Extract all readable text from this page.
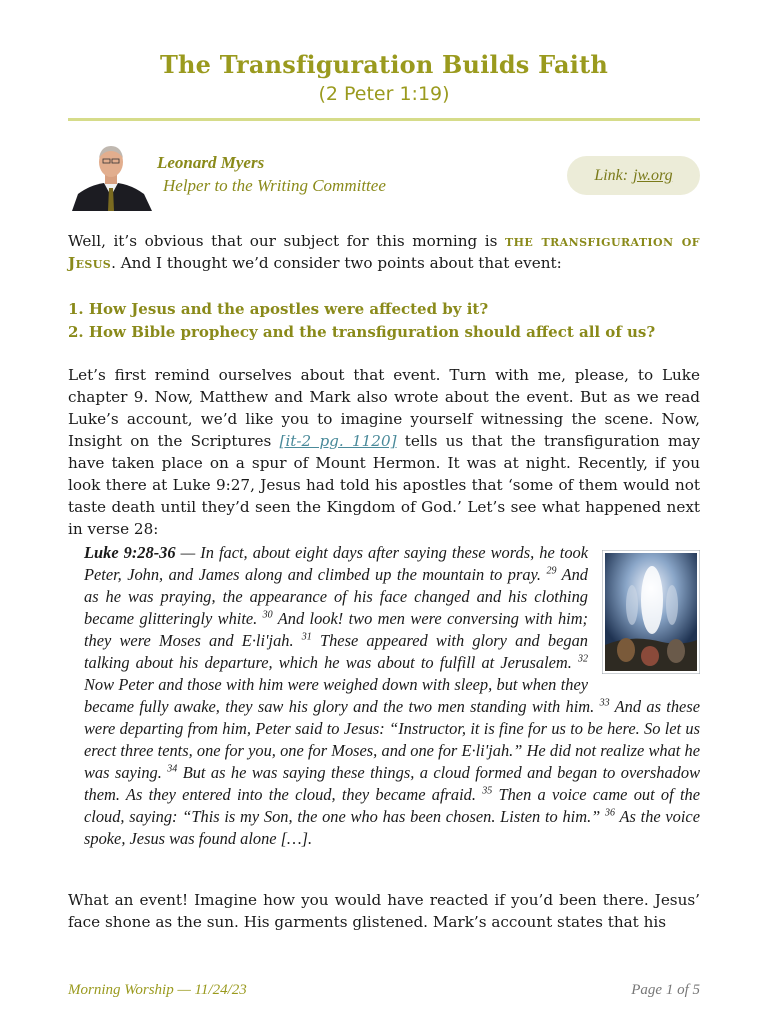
The Transfiguration Builds Faith
(2 Peter 1:19)
Leonard Myers
Helper to the Writing Committee
Link: jw.org
Well, it’s obvious that our subject for this morning is the transfiguration of Jesus. And I thought we’d consider two points about that event:
1. How Jesus and the apostles were affected by it?
2. How Bible prophecy and the transfiguration should affect all of us?
Let’s first remind ourselves about that event. Turn with me, please, to Luke chapter 9. Now, Matthew and Mark also wrote about the event. But as we read Luke’s account, we’d like you to imagine yourself witnessing the scene. Now, Insight on the Scriptures [it-2 pg. 1120] tells us that the transfiguration may have taken place on a spur of Mount Hermon. It was at night. Recently, if you look there at Luke 9:27, Jesus had told his apostles that ‘some of them would not taste death until they’d seen the Kingdom of God.’ Let’s see what happened next in verse 28:
Luke 9:28-36 — In fact, about eight days after saying these words, he took Peter, John, and James along and climbed up the mountain to pray. $^{29}$ And as he was praying, the appearance of his face changed and his clothing became glitteringly white. $^{30}$ And look! two men were conversing with him; they were Moses and E·liʹjah. $^{31}$ These appeared with glory and began talking about his departure, which he was about to fulfill at Jerusalem. $^{32}$ Now Peter and those with him were weighed down with sleep, but when they became fully awake, they saw his glory and the two men standing with him. $^{33}$ And as these were departing from him, Peter said to Jesus: “Instructor, it is fine for us to be here. So let us erect three tents, one for you, one for Moses, and one for E·liʹjah.” He did not realize what he was saying. $^{34}$ But as he was saying these things, a cloud formed and began to overshadow them. As they entered into the cloud, they became afraid. $^{35}$ Then a voice came out of the cloud, saying: “This is my Son, the one who has been chosen. Listen to him.” $^{36}$ As the voice spoke, Jesus was found alone […].
What an event! Imagine how you would have reacted if you’d been there. Jesus’ face shone as the sun. His garments glistened. Mark’s account states that his
Morning Worship — 11/24/23	Page 1 of 5
